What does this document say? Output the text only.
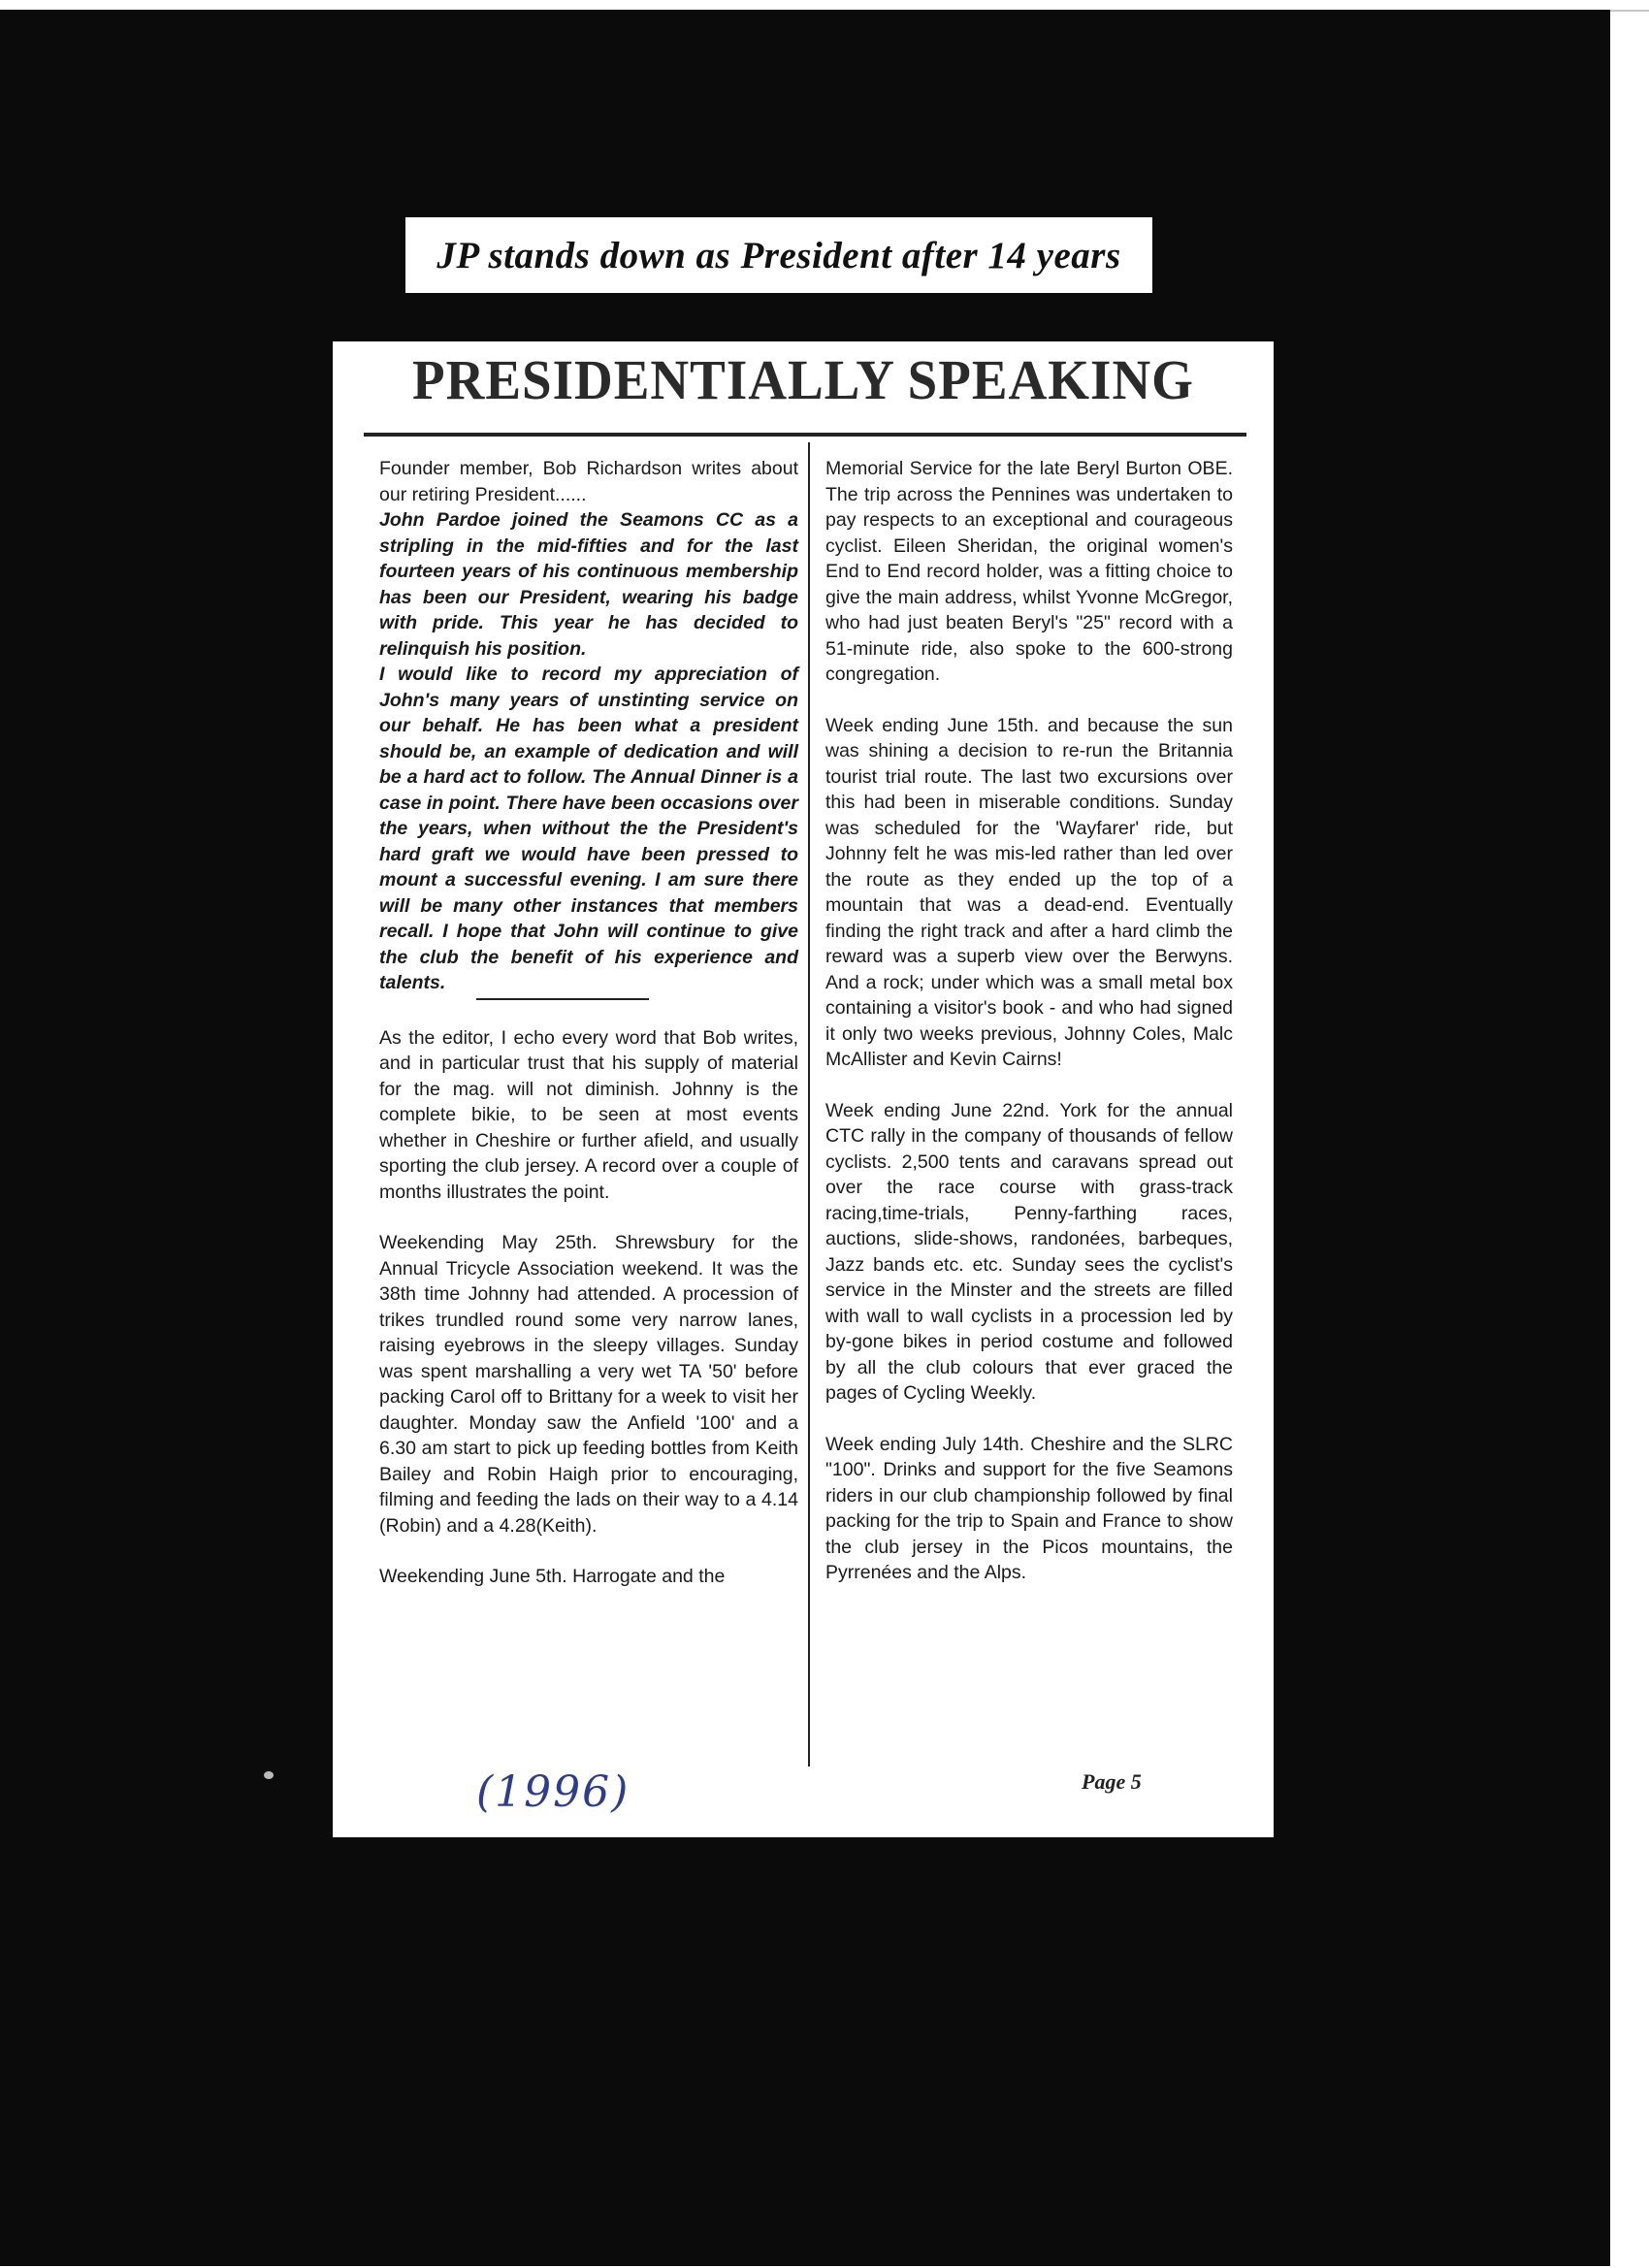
JP stands down as President after 14 years
PRESIDENTIALLY SPEAKING

Founder member, Bob Richardson writes about our retiring President......

John Pardoe joined the Seamons CC as a stripling in the mid-fifties and for the last fourteen years of his continuous membership has been our President, wearing his badge with pride. This year he has decided to relinquish his position.

I would like to record my appreciation of John's many years of unstinting service on our behalf. He has been what a president should be, an example of dedication and will be a hard act to follow. The Annual Dinner is a case in point. There have been occasions over the years, when without the the President's hard graft we would have been pressed to mount a successful evening. I am sure there will be many other instances that members recall. I hope that John will continue to give the club the benefit of his experience and talents.

As the editor, I echo every word that Bob writes, and in particular trust that his supply of material for the mag. will not diminish. Johnny is the complete bikie, to be seen at most events whether in Cheshire or further afield, and usually sporting the club jersey. A record over a couple of months illustrates the point.

Weekending May 25th. Shrewsbury for the Annual Tricycle Association weekend. It was the 38th time Johnny had attended. A procession of trikes trundled round some very narrow lanes, raising eyebrows in the sleepy villages. Sunday was spent marshalling a very wet TA '50' before packing Carol off to Brittany for a week to visit her daughter. Monday saw the Anfield '100' and a 6.30 am start to pick up feeding bottles from Keith Bailey and Robin Haigh prior to encouraging, filming and feeding the lads on their way to a 4.14 (Robin) and a 4.28(Keith).

Weekending June 5th. Harrogate and the

Memorial Service for the late Beryl Burton OBE. The trip across the Pennines was undertaken to pay respects to an exceptional and courageous cyclist. Eileen Sheridan, the original women's End to End record holder, was a fitting choice to give the main address, whilst Yvonne McGregor, who had just beaten Beryl's "25" record with a 51-minute ride, also spoke to the 600-strong congregation.

Week ending June 15th. and because the sun was shining a decision to re-run the Britannia tourist trial route. The last two excursions over this had been in miserable conditions. Sunday was scheduled for the 'Wayfarer' ride, but Johnny felt he was mis-led rather than led over the route as they ended up the top of a mountain that was a dead-end. Eventually finding the right track and after a hard climb the reward was a superb view over the Berwyns. And a rock; under which was a small metal box containing a visitor's book - and who had signed it only two weeks previous, Johnny Coles, Malc McAllister and Kevin Cairns!

Week ending June 22nd. York for the annual CTC rally in the company of thousands of fellow cyclists. 2,500 tents and caravans spread out over the race course with grass-track racing,time-trials, Penny-farthing races, auctions, slide-shows, randonées, barbeques, Jazz bands etc. etc. Sunday sees the cyclist's service in the Minster and the streets are filled with wall to wall cyclists in a procession led by by-gone bikes in period costume and followed by all the club colours that ever graced the pages of Cycling Weekly.

Week ending July 14th. Cheshire and the SLRC "100". Drinks and support for the five Seamons riders in our club championship followed by final packing for the trip to Spain and France to show the club jersey in the Picos mountains, the Pyrrenées and the Alps.

(1996)	Page 5
